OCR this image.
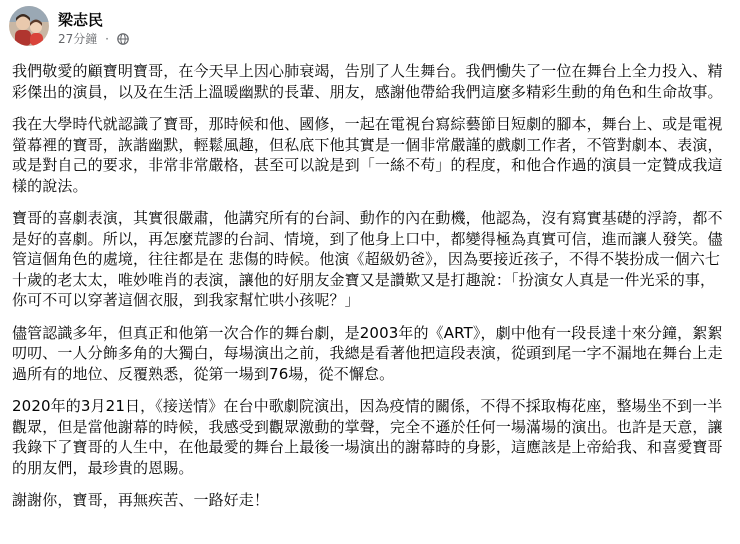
梁志民
27分鐘 ·

我們敬愛的顧寶明寶哥，在今天早上因心肺衰竭，告別了人生舞台。我們慟失了一位在舞台上全力投入、精彩傑出的演員，以及在生活上溫暖幽默的長輩、朋友，感謝他帶給我們這麼多精彩生動的角色和生命故事。

我在大學時代就認識了寶哥，那時候和他、國修，一起在電視台寫綜藝節目短劇的腳本，舞台上、或是電視螢幕裡的寶哥，詼諧幽默，輕鬆風趣，但私底下他其實是一個非常嚴謹的戲劇工作者，不管對劇本、表演，或是對自己的要求，非常非常嚴格，甚至可以說是到「一絲不苟」的程度，和他合作過的演員一定贊成我這樣的說法。

寶哥的喜劇表演，其實很嚴肅，他講究所有的台詞、動作的內在動機，他認為，沒有寫實基礎的浮誇，都不是好的喜劇。所以，再怎麼荒謬的台詞、情境，到了他身上口中，都變得極為真實可信，進而讓人發笑。儘管這個角色的處境，往往都是在 悲傷的時候。他演《超級奶爸》，因為要接近孩子，不得不裝扮成一個六七十歲的老太太，唯妙唯肖的表演，讓他的好朋友金寶又是讚歎又是打趣說：「扮演女人真是一件光采的事，你可不可以穿著這個衣服，到我家幫忙哄小孩呢？」

儘管認識多年，但真正和他第一次合作的舞台劇，是2003年的《ART》，劇中他有一段長達十來分鐘，絮絮叨叨、一人分飾多角的大獨白，每場演出之前，我總是看著他把這段表演，從頭到尾一字不漏地在舞台上走過所有的地位、反覆熟悉，從第一場到76場，從不懈怠。

2020年的3月21日，《接送情》在台中歌劇院演出，因為疫情的關係，不得不採取梅花座，整場坐不到一半觀眾，但是當他謝幕的時候，我感受到觀眾激動的掌聲，完全不遜於任何一場滿場的演出。也許是天意，讓我錄下了寶哥的人生中，在他最愛的舞台上最後一場演出的謝幕時的身影，這應該是上帝給我、和喜愛寶哥的朋友們，最珍貴的恩賜。

謝謝你，寶哥，再無疾苦、一路好走！
